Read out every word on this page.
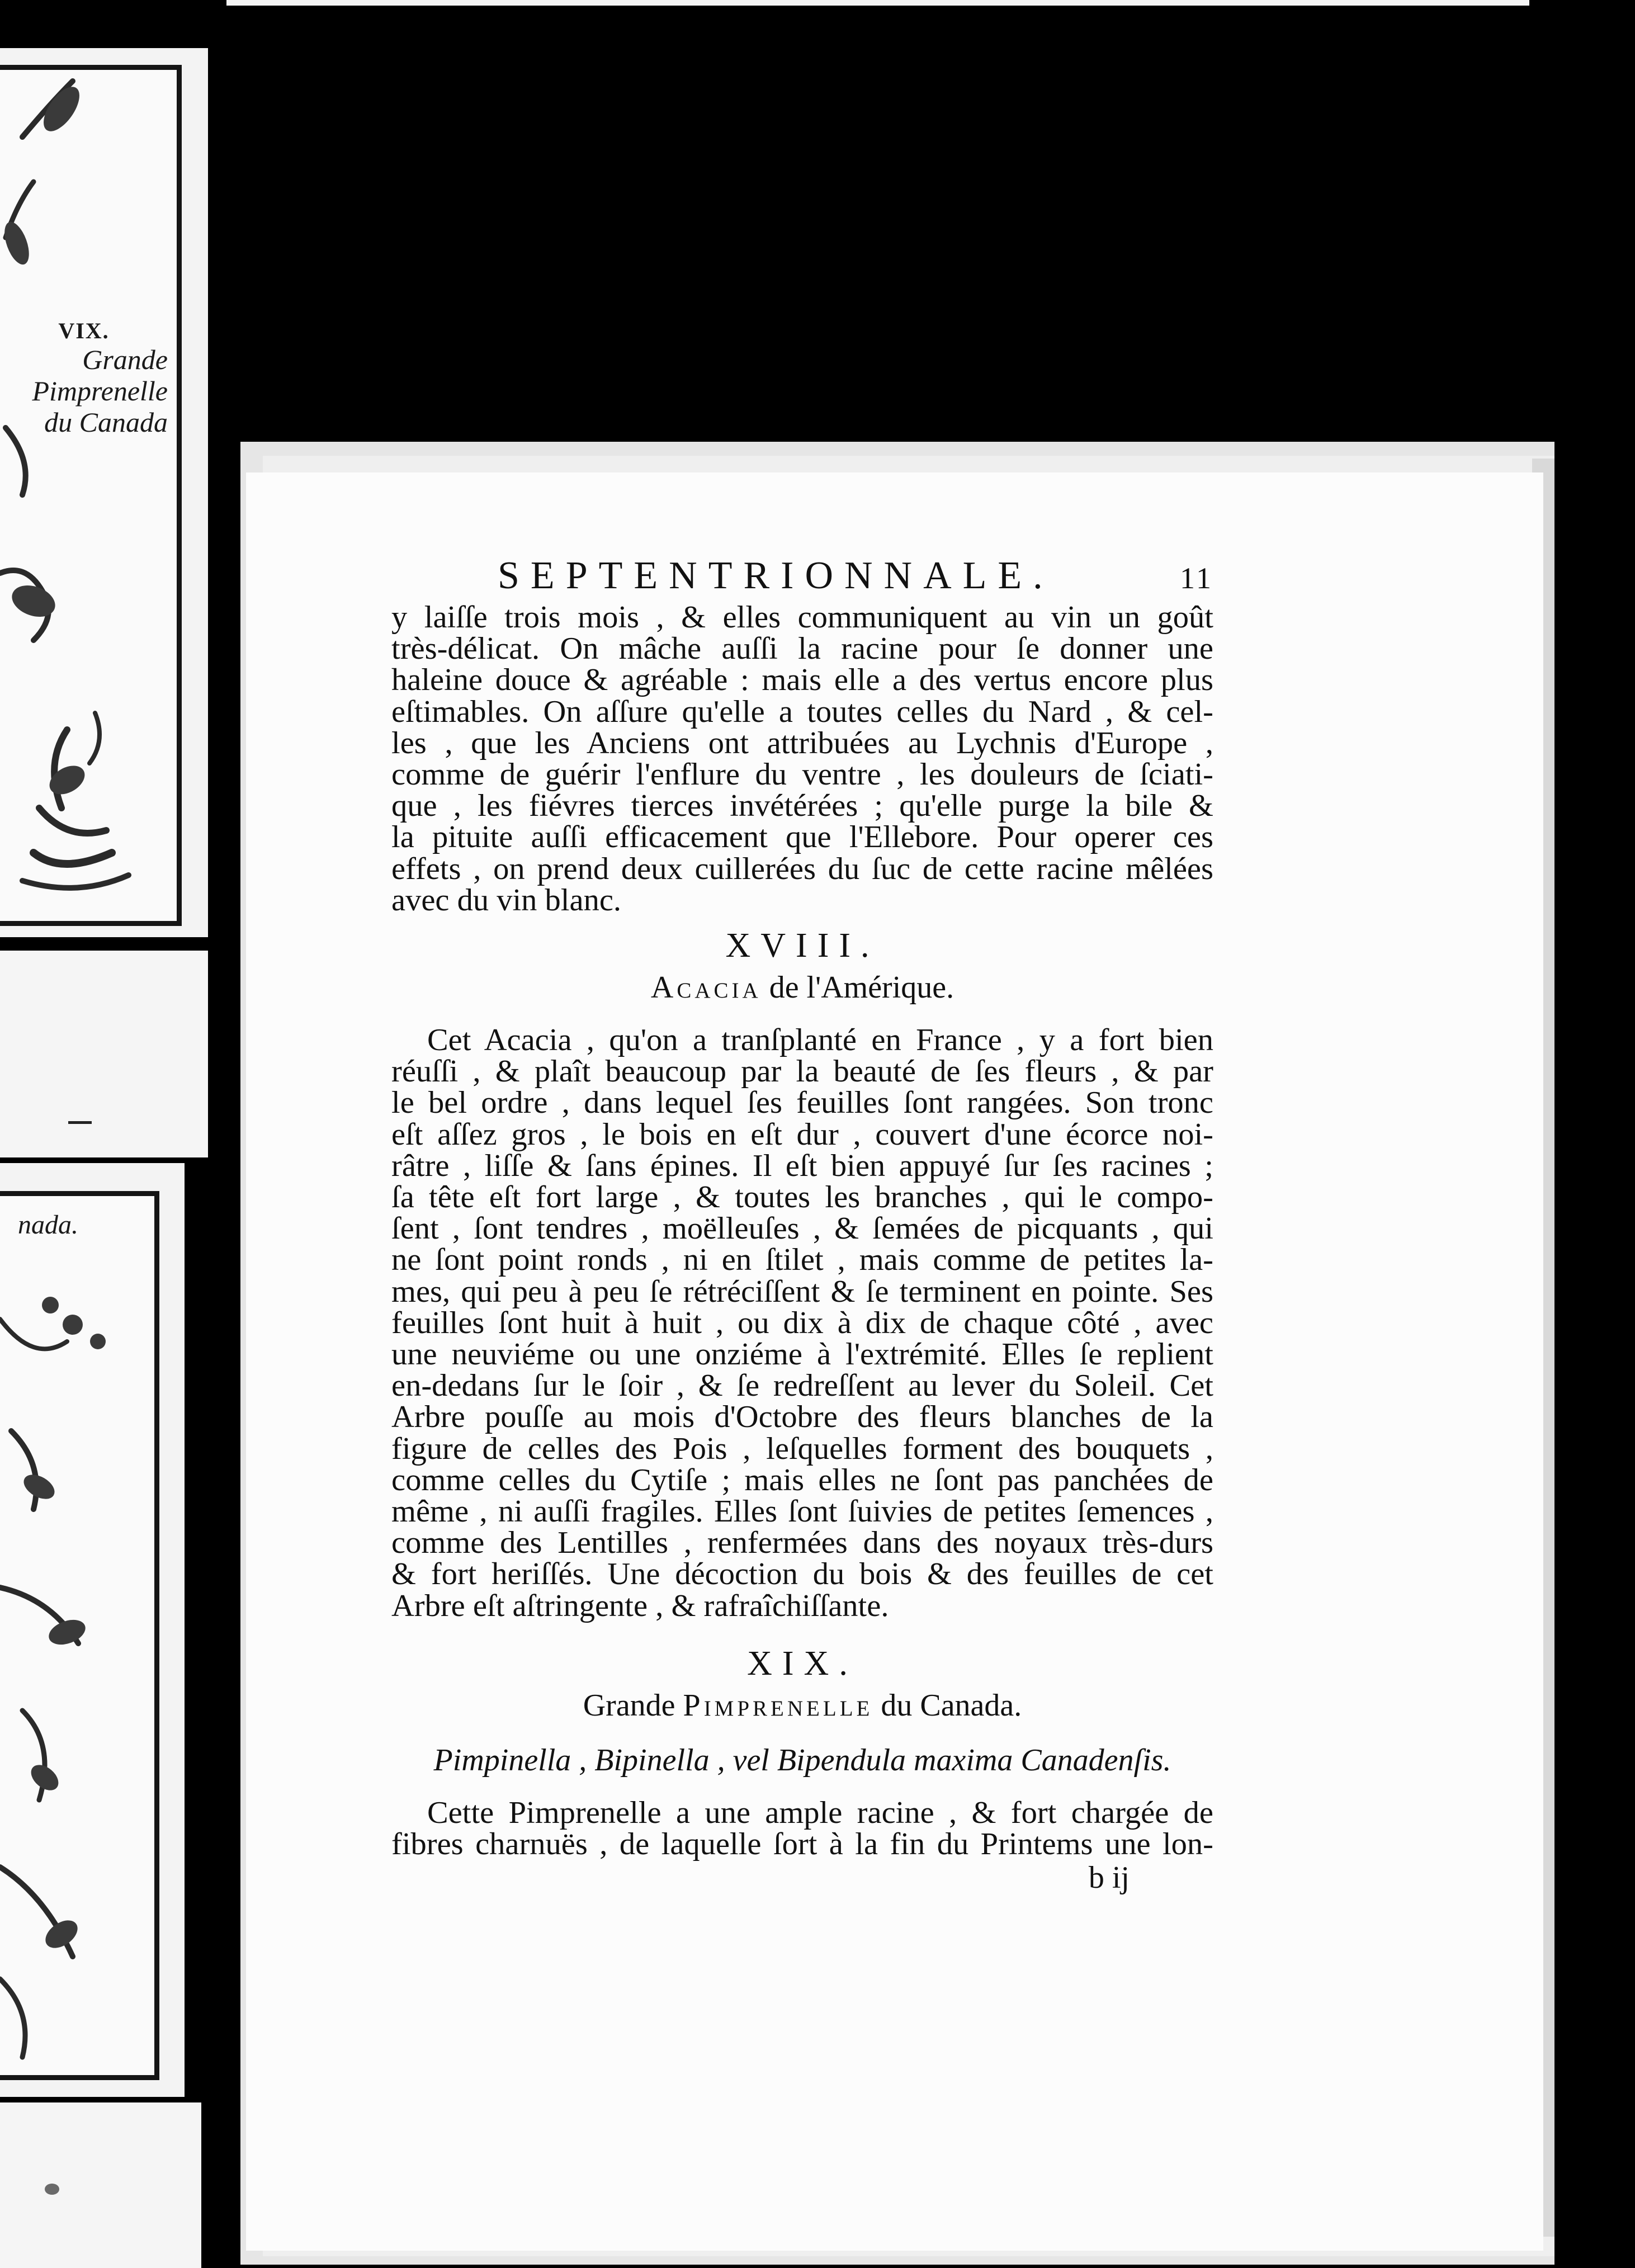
VIX.
Grande
Pimprenelle
du Canada
nada.
SEPTENTRIONNALE.	11
y laiſſe trois mois , & elles communiquent au vin un goût
très-délicat. On mâche auſſi la racine pour ſe donner une
haleine douce & agréable : mais elle a des vertus encore plus
eſtimables. On aſſure qu'elle a toutes celles du Nard , & cel-
les , que les Anciens ont attribuées au Lychnis d'Europe ,
comme de guérir l'enflure du ventre , les douleurs de ſciati-
que , les fiévres tierces invétérées ; qu'elle purge la bile &
la pituite auſſi efficacement que l'Ellebore. Pour operer ces
effets , on prend deux cuillerées du ſuc de cette racine mêlées
avec du vin blanc.
XVIII.
Acacia de l'Amérique.
Cet Acacia , qu'on a tranſplanté en France , y a fort bien
réuſſi , & plaît beaucoup par la beauté de ſes fleurs , & par
le bel ordre , dans lequel ſes feuilles ſont rangées. Son tronc
eſt aſſez gros , le bois en eſt dur , couvert d'une écorce noi-
râtre , liſſe & ſans épines. Il eſt bien appuyé ſur ſes racines ;
ſa tête eſt fort large , & toutes les branches , qui le compo-
ſent , ſont tendres , moëlleuſes , & ſemées de picquants , qui
ne ſont point ronds , ni en ſtilet , mais comme de petites la-
mes, qui peu à peu ſe rétréciſſent & ſe terminent en pointe. Ses
feuilles ſont huit à huit , ou dix à dix de chaque côté , avec
une neuviéme ou une onziéme à l'extrémité. Elles ſe replient
en-dedans ſur le ſoir , & ſe redreſſent au lever du Soleil. Cet
Arbre pouſſe au mois d'Octobre des fleurs blanches de la
figure de celles des Pois , leſquelles forment des bouquets ,
comme celles du Cytiſe ; mais elles ne ſont pas panchées de
même , ni auſſi fragiles. Elles ſont ſuivies de petites ſemences ,
comme des Lentilles , renfermées dans des noyaux très-durs
& fort heriſſés. Une décoction du bois & des feuilles de cet
Arbre eſt aſtringente , & rafraîchiſſante.
XIX.
Grande Pimprenelle du Canada.
Pimpinella , Bipinella , vel Bipendula maxima Canadenſis.
Cette Pimprenelle a une ample racine , & fort chargée de
fibres charnuës , de laquelle ſort à la fin du Printems une lon-
b ij
